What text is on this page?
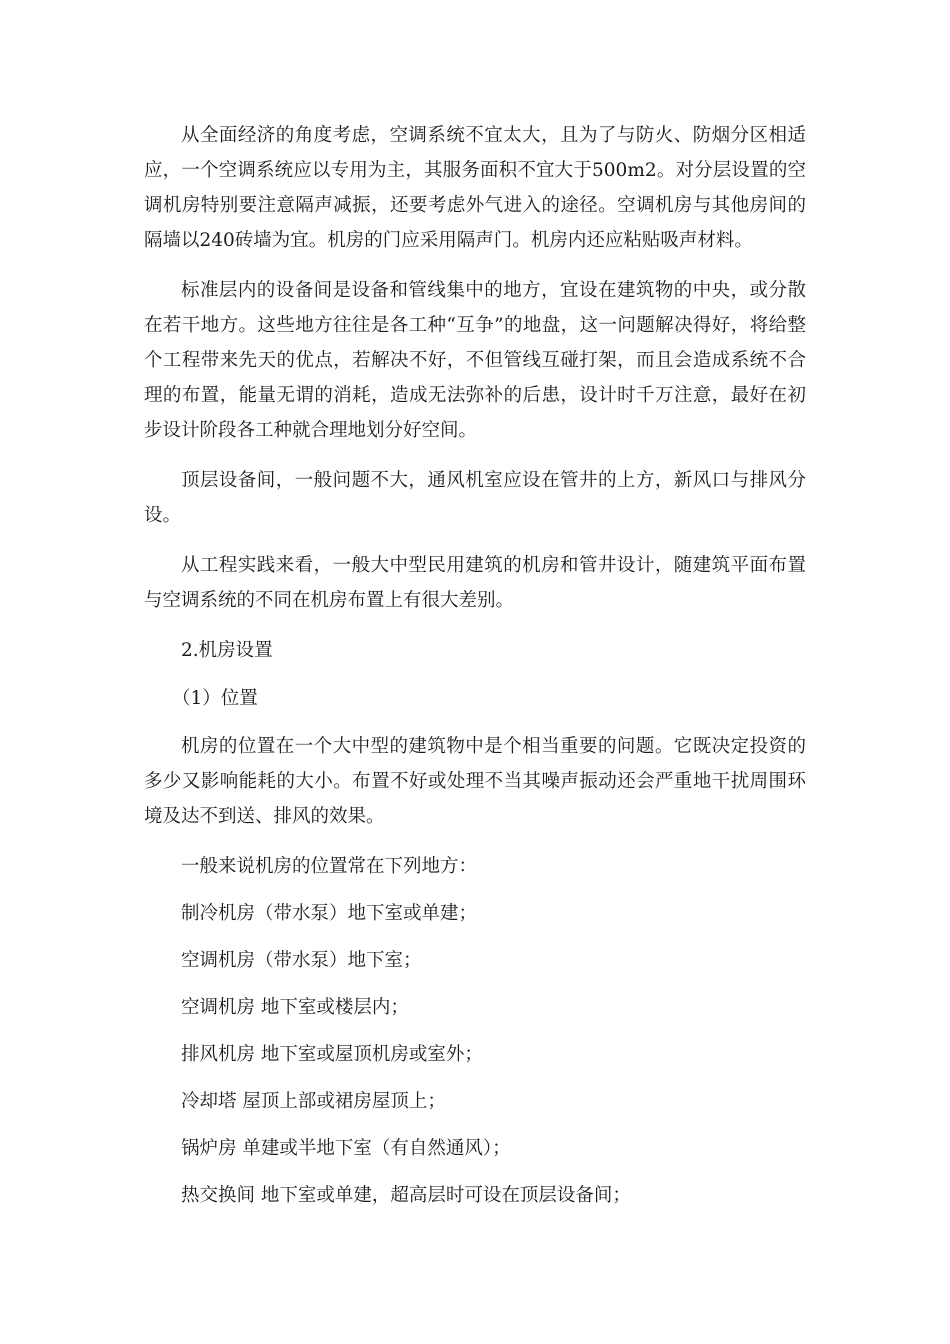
从全面经济的角度考虑，空调系统不宜太大，且为了与防火、防烟分区相适应，一个空调系统应以专用为主，其服务面积不宜大于500m2。对分层设置的空调机房特别要注意隔声减振，还要考虑外气进入的途径。空调机房与其他房间的隔墙以240砖墙为宜。机房的门应采用隔声门。机房内还应粘贴吸声材料。

标准层内的设备间是设备和管线集中的地方，宜设在建筑物的中央，或分散在若干地方。这些地方往往是各工种“互争”的地盘，这一问题解决得好，将给整个工程带来先天的优点，若解决不好，不但管线互碰打架，而且会造成系统不合理的布置，能量无谓的消耗，造成无法弥补的后患，设计时千万注意，最好在初步设计阶段各工种就合理地划分好空间。

顶层设备间，一般问题不大，通风机室应设在管井的上方，新风口与排风分设。

从工程实践来看，一般大中型民用建筑的机房和管井设计，随建筑平面布置与空调系统的不同在机房布置上有很大差别。

2.机房设置

（1）位置

机房的位置在一个大中型的建筑物中是个相当重要的问题。它既决定投资的多少又影响能耗的大小。布置不好或处理不当其噪声振动还会严重地干扰周围环境及达不到送、排风的效果。

一般来说机房的位置常在下列地方：

制冷机房（带水泵）地下室或单建；

空调机房（带水泵）地下室；

空调机房 地下室或楼层内；

排风机房 地下室或屋顶机房或室外；

冷却塔 屋顶上部或裙房屋顶上；

锅炉房 单建或半地下室（有自然通风）；

热交换间 地下室或单建，超高层时可设在顶层设备间；
